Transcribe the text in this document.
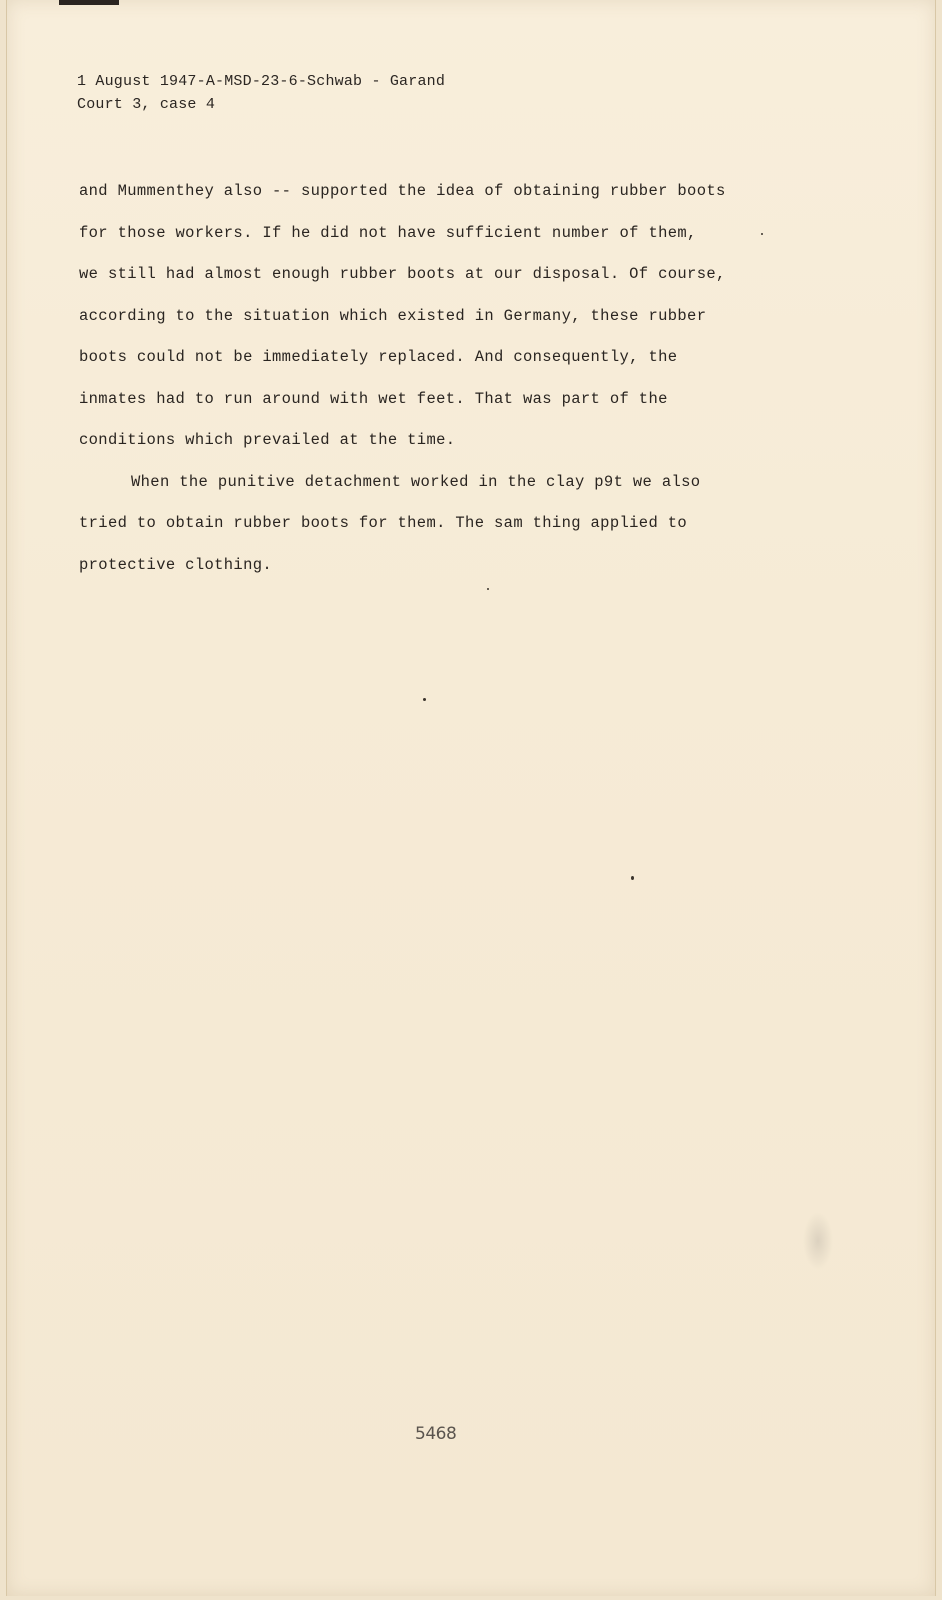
1 August 1947-A-MSD-23-6-Schwab - Garand
Court 3, case 4
and Mummenthey also -- supported the idea of obtaining rubber boots
for those workers. If he did not have sufficient number of them,
we still had almost enough rubber boots at our disposal. Of course,
according to the situation which existed in Germany, these rubber
boots could not be immediately replaced. And consequently, the
inmates had to run around with wet feet. That was part of the
conditions which prevailed at the time.
When the punitive detachment worked in the clay p9t we also
tried to obtain rubber boots for them. The sam thing applied to
protective clothing.
5468
